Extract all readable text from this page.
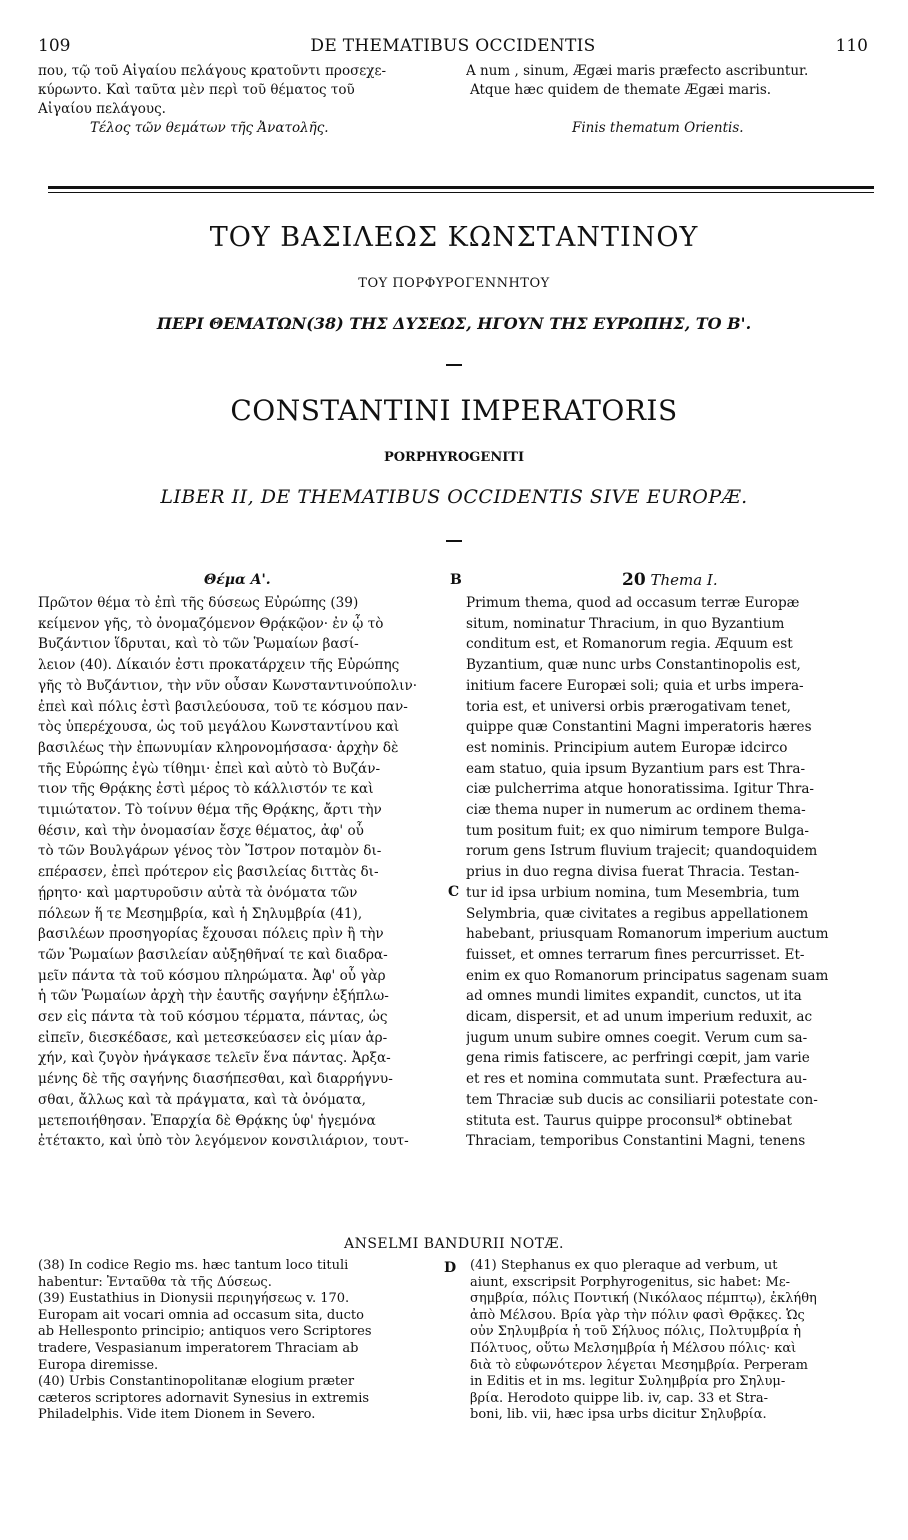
109	DE THEMATIBUS OCCIDENTIS	110
που, τῷ τοῦ Αἰγαίου πελάγους κρατοῦντι προσεχε-
κύρωντο. Καὶ ταῦτα μὲν περὶ τοῦ θέματος τοῦ
Αἰγαίου πελάγους.
Τέλος τῶν θεμάτων τῆς Ἀνατολῆς.
A num , sinum, Ægæi maris præfecto ascribuntur.
Atque hæc quidem de themate Ægæi maris.

Finis thematum Orientis.
ΤΟΥ ΒΑΣΙΛΕΩΣ ΚΩΝΣΤΑΝΤΙΝΟΥ
ΤΟΥ ΠΟΡΦΥΡΟΓΕΝΝΗΤΟΥ
ΠΕΡΙ ΘΕΜΑΤΩΝ(38) ΤΗΣ ΔΥΣΕΩΣ, ΗΓΟΥΝ ΤΗΣ ΕΥΡΩΠΗΣ, ΤΟ Β'.
CONSTANTINI IMPERATORIS
PORPHYROGENITI
LIBER II, DE THEMATIBUS OCCIDENTIS SIVE EUROPÆ.
B
C
D
Θέμα Α'.	20 Thema I.
Πρῶτον θέμα τὸ ἐπὶ τῆς δύσεως Εὐρώπης (39)
κείμενον γῆς, τὸ ὀνομαζόμενον Θρᾴκῷον· ἐν ᾧ τὸ
Βυζάντιον ἵδρυται, καὶ τὸ τῶν Ῥωμαίων βασί-
λειον (40). Δίκαιόν ἐστι προκατάρχειν τῆς Εὐρώπης
γῆς τὸ Βυζάντιον, τὴν νῦν οὖσαν Κωνσταντινούπολιν·
ἐπεὶ καὶ πόλις ἐστὶ βασιλεύουσα, τοῦ τε κόσμου παν-
τὸς ὑπερέχουσα, ὡς τοῦ μεγάλου Κωνσταντίνου καὶ
βασιλέως τὴν ἐπωνυμίαν κληρονομήσασα· ἀρχὴν δὲ
τῆς Εὐρώπης ἐγὼ τίθημι· ἐπεὶ καὶ αὐτὸ τὸ Βυζάν-
τιον τῆς Θρᾴκης ἐστὶ μέρος τὸ κάλλιστόν τε καὶ
τιμιώτατον. Τὸ τοίνυν θέμα τῆς Θρᾴκης, ἄρτι τὴν
θέσιν, καὶ τὴν ὀνομασίαν ἔσχε θέματος, ἀφ' οὗ
τὸ τῶν Βουλγάρων γένος τὸν Ἴστρον ποταμὸν δι-
επέρασεν, ἐπεὶ πρότερον εἰς βασιλείας διττὰς δι-
ῄρητο· καὶ μαρτυροῦσιν αὐτὰ τὰ ὀνόματα τῶν
πόλεων ἥ τε Μεσημβρία, καὶ ἡ Σηλυμβρία (41),
βασιλέων προσηγορίας ἔχουσαι πόλεις πρὶν ἢ τὴν
τῶν Ῥωμαίων βασιλείαν αὐξηθῆναί τε καὶ διαδρα-
μεῖν πάντα τὰ τοῦ κόσμου πληρώματα. Ἀφ' οὗ γὰρ
ἡ τῶν Ῥωμαίων ἀρχὴ τὴν ἑαυτῆς σαγήνην ἐξήπλω-
σεν εἰς πάντα τὰ τοῦ κόσμου τέρματα, πάντας, ὡς
εἰπεῖν, διεσκέδασε, καὶ μετεσκεύασεν εἰς μίαν ἀρ-
χήν, καὶ ζυγὸν ἠνάγκασε τελεῖν ἕνα πάντας. Ἀρξα-
μένης δὲ τῆς σαγήνης διασήπεσθαι, καὶ διαρρήγνυ-
σθαι, ἄλλως καὶ τὰ πράγματα, καὶ τὰ ὀνόματα,
μετεποιήθησαν. Ἐπαρχία δὲ Θρᾴκης ὑφ' ἡγεμόνα
ἐτέτακτο, καὶ ὑπὸ τὸν λεγόμενον κονσιλιάριον, τουτ-
Primum thema, quod ad occasum terræ Europæ
situm, nominatur Thracium, in quo Byzantium
conditum est, et Romanorum regia. Æquum est
Byzantium, quæ nunc urbs Constantinopolis est,
initium facere Europæi soli; quia et urbs impera-
toria est, et universi orbis prærogativam tenet,
quippe quæ Constantini Magni imperatoris hæres
est nominis. Principium autem Europæ idcirco
eam statuo, quia ipsum Byzantium pars est Thra-
ciæ pulcherrima atque honoratissima. Igitur Thra-
ciæ thema nuper in numerum ac ordinem thema-
tum positum fuit; ex quo nimirum tempore Bulga-
rorum gens Istrum fluvium trajecit; quandoquidem
prius in duo regna divisa fuerat Thracia. Testan-
tur id ipsa urbium nomina, tum Mesembria, tum
Selymbria, quæ civitates a regibus appellationem
habebant, priusquam Romanorum imperium auctum
fuisset, et omnes terrarum fines percurrisset. Et-
enim ex quo Romanorum principatus sagenam suam
ad omnes mundi limites expandit, cunctos, ut ita
dicam, dispersit, et ad unum imperium reduxit, ac
jugum unum subire omnes coegit. Verum cum sa-
gena rimis fatiscere, ac perfringi cœpit, jam varie
et res et nomina commutata sunt. Præfectura au-
tem Thraciæ sub ducis ac consiliarii potestate con-
stituta est. Taurus quippe proconsul* obtinebat
Thraciam, temporibus Constantini Magni, tenens
ANSELMI BANDURII NOTÆ.
(38) In codice Regio ms. hæc tantum loco tituli
habentur: Ἐνταῦθα τὰ τῆς Δύσεως.
(39) Eustathius in Dionysii περιηγήσεως v. 170.
Europam ait vocari omnia ad occasum sita, ducto
ab Hellesponto principio; antiquos vero Scriptores
tradere, Vespasianum imperatorem Thraciam ab
Europa diremisse.
(40) Urbis Constantinopolitanæ elogium præter
cæteros scriptores adornavit Synesius in extremis
Philadelphis. Vide item Dionem in Severo.
(41) Stephanus ex quo pleraque ad verbum, ut
aiunt, exscripsit Porphyrogenitus, sic habet: Με-
σημβρία, πόλις Ποντική (Νικόλαος πέμπτῳ), ἐκλήθη
ἀπὸ Μέλσου. Βρία γὰρ τὴν πόλιν φασὶ Θρᾷκες. Ὡς
οὖν Σηλυμβρία ἡ τοῦ Σήλυος πόλις, Πολτυμβρία ἡ
Πόλτυος, οὕτω Μελσημβρία ἡ Μέλσου πόλις· καὶ
διὰ τὸ εὐφωνότερον λέγεται Μεσημβρία. Perperam
in Editis et in ms. legitur Συλημβρία pro Σηλυμ-
βρία. Herodoto quippe lib. iv, cap. 33 et Stra-
boni, lib. vii, hæc ipsa urbs dicitur Σηλυβρία.
